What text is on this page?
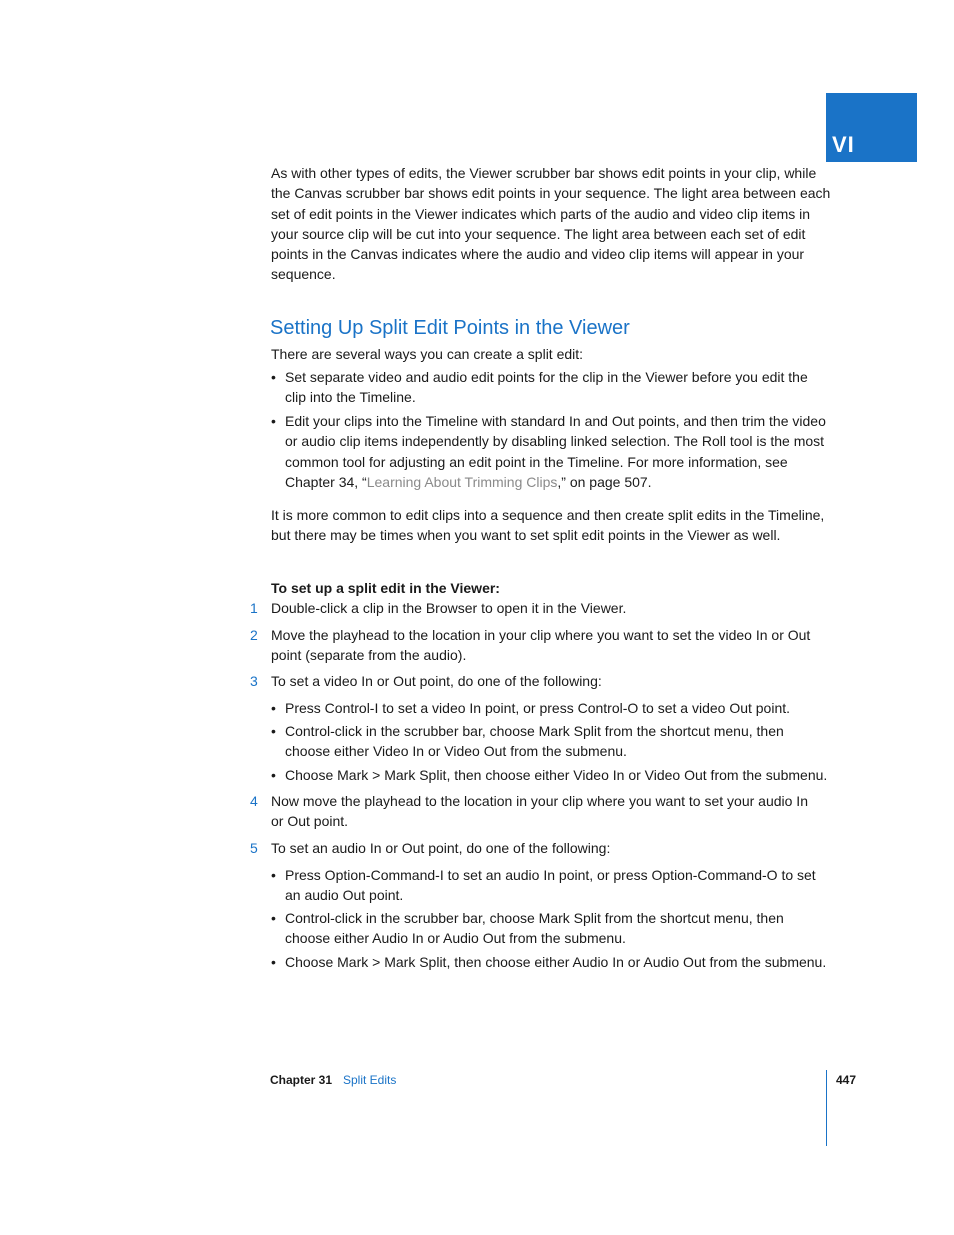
VI

As with other types of edits, the Viewer scrubber bar shows edit points in your clip, while the Canvas scrubber bar shows edit points in your sequence. The light area between each set of edit points in the Viewer indicates which parts of the audio and video clip items in your source clip will be cut into your sequence. The light area between each set of edit points in the Canvas indicates where the audio and video clip items will appear in your sequence.

Setting Up Split Edit Points in the Viewer

There are several ways you can create a split edit:

• Set separate video and audio edit points for the clip in the Viewer before you edit the clip into the Timeline.
• Edit your clips into the Timeline with standard In and Out points, and then trim the video or audio clip items independently by disabling linked selection. The Roll tool is the most common tool for adjusting an edit point in the Timeline. For more information, see Chapter 34, “Learning About Trimming Clips,” on page 507.

It is more common to edit clips into a sequence and then create split edits in the Timeline, but there may be times when you want to set split edit points in the Viewer as well.

To set up a split edit in the Viewer:

1 Double-click a clip in the Browser to open it in the Viewer.
2 Move the playhead to the location in your clip where you want to set the video In or Out point (separate from the audio).
3 To set a video In or Out point, do one of the following:
• Press Control-I to set a video In point, or press Control-O to set a video Out point.
• Control-click in the scrubber bar, choose Mark Split from the shortcut menu, then choose either Video In or Video Out from the submenu.
• Choose Mark > Mark Split, then choose either Video In or Video Out from the submenu.
4 Now move the playhead to the location in your clip where you want to set your audio In or Out point.
5 To set an audio In or Out point, do one of the following:
• Press Option-Command-I to set an audio In point, or press Option-Command-O to set an audio Out point.
• Control-click in the scrubber bar, choose Mark Split from the shortcut menu, then choose either Audio In or Audio Out from the submenu.
• Choose Mark > Mark Split, then choose either Audio In or Audio Out from the submenu.
Chapter 31 Split Edits	447
